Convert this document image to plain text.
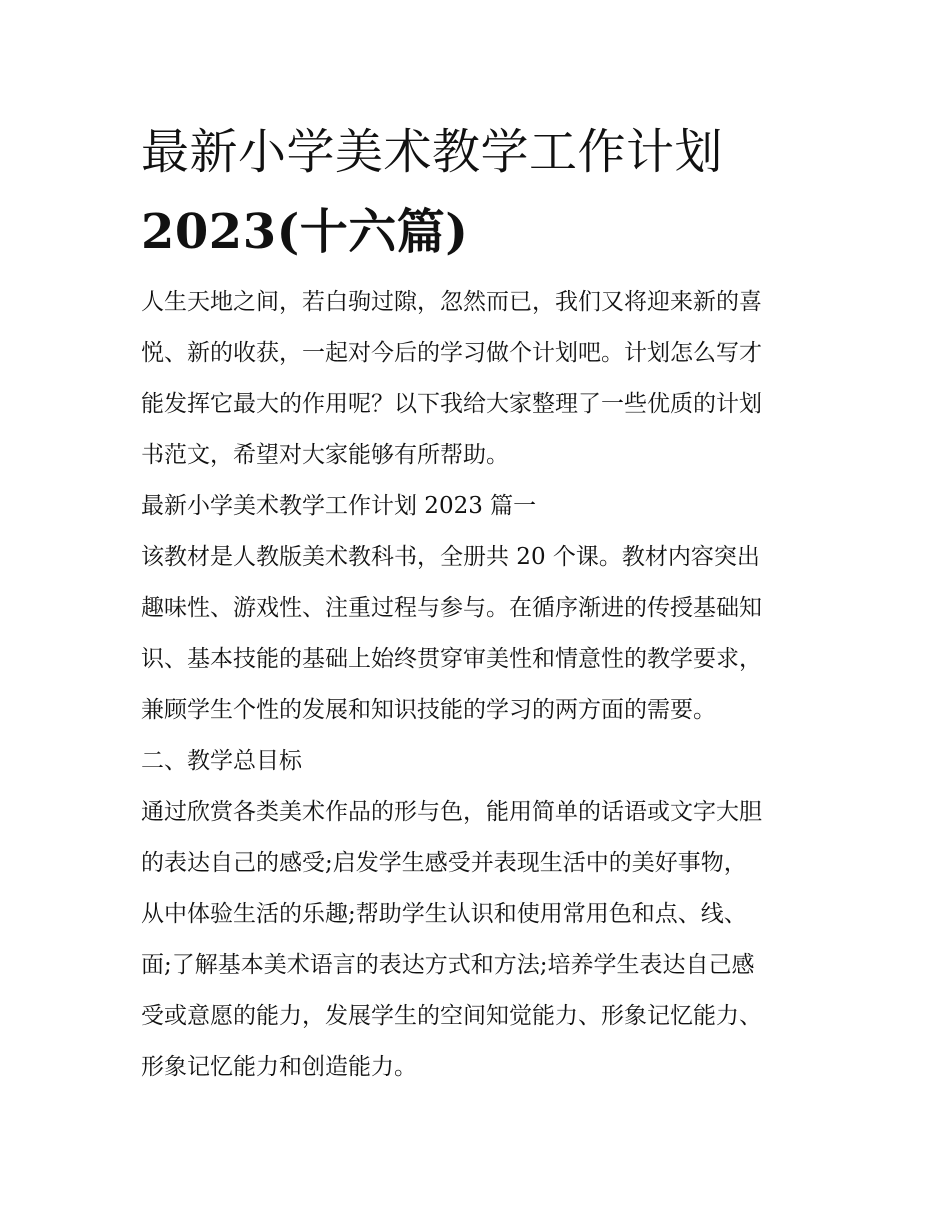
最新小学美术教学工作计划
2023(十六篇)

人生天地之间，若白驹过隙，忽然而已，我们又将迎来新的喜
悦、新的收获，一起对今后的学习做个计划吧。计划怎么写才
能发挥它最大的作用呢？以下我给大家整理了一些优质的计划
书范文，希望对大家能够有所帮助。

最新小学美术教学工作计划 2023 篇一

该教材是人教版美术教科书，全册共 20 个课。教材内容突出
趣味性、游戏性、注重过程与参与。在循序渐进的传授基础知
识、基本技能的基础上始终贯穿审美性和情意性的教学要求，
兼顾学生个性的发展和知识技能的学习的两方面的需要。

二、教学总目标

通过欣赏各类美术作品的形与色，能用简单的话语或文字大胆
的表达自己的感受;启发学生感受并表现生活中的美好事物，
从中体验生活的乐趣;帮助学生认识和使用常用色和点、线、
面;了解基本美术语言的表达方式和方法;培养学生表达自己感
受或意愿的能力，发展学生的空间知觉能力、形象记忆能力、
形象记忆能力和创造能力。
